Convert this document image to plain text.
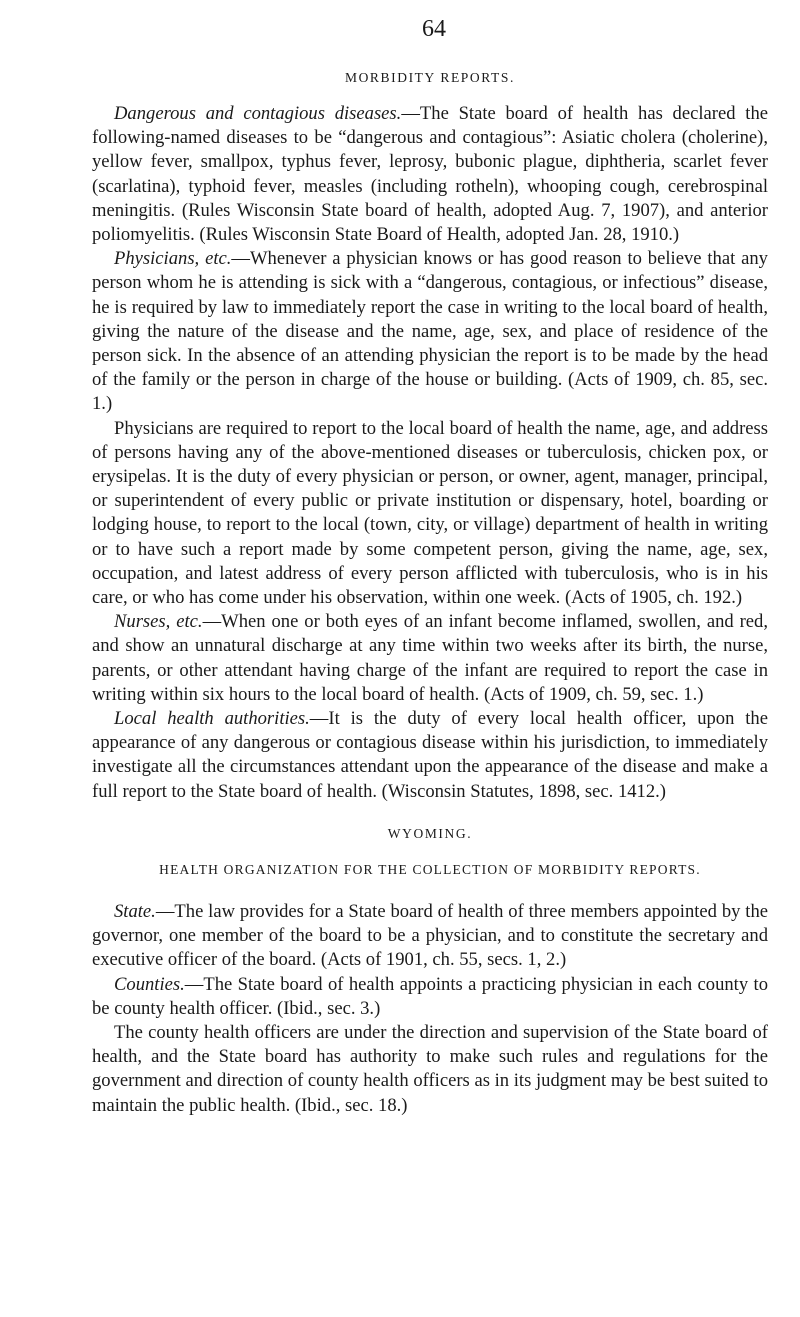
64
MORBIDITY REPORTS.

Dangerous and contagious diseases.—The State board of health has declared the following-named diseases to be “dangerous and contagious”: Asiatic cholera (cholerine), yellow fever, smallpox, typhus fever, leprosy, bubonic plague, diphtheria, scarlet fever (scarlatina), typhoid fever, measles (including rotheln), whooping cough, cerebrospinal meningitis. (Rules Wisconsin State board of health, adopted Aug. 7, 1907), and anterior poliomyelitis. (Rules Wisconsin State Board of Health, adopted Jan. 28, 1910.)

Physicians, etc.—Whenever a physician knows or has good reason to believe that any person whom he is attending is sick with a “dangerous, contagious, or infectious” disease, he is required by law to immediately report the case in writing to the local board of health, giving the nature of the disease and the name, age, sex, and place of residence of the person sick. In the absence of an attending physician the report is to be made by the head of the family or the person in charge of the house or building. (Acts of 1909, ch. 85, sec. 1.)

Physicians are required to report to the local board of health the name, age, and address of persons having any of the above-mentioned diseases or tuberculosis, chicken pox, or erysipelas. It is the duty of every physician or person, or owner, agent, manager, principal, or superintendent of every public or private institution or dispensary, hotel, boarding or lodging house, to report to the local (town, city, or village) department of health in writing or to have such a report made by some competent person, giving the name, age, sex, occupation, and latest address of every person afflicted with tuberculosis, who is in his care, or who has come under his observation, within one week. (Acts of 1905, ch. 192.)

Nurses, etc.—When one or both eyes of an infant become inflamed, swollen, and red, and show an unnatural discharge at any time within two weeks after its birth, the nurse, parents, or other attendant having charge of the infant are required to report the case in writing within six hours to the local board of health. (Acts of 1909, ch. 59, sec. 1.)

Local health authorities.—It is the duty of every local health officer, upon the appearance of any dangerous or contagious disease within his jurisdiction, to immediately investigate all the circumstances attendant upon the appearance of the disease and make a full report to the State board of health. (Wisconsin Statutes, 1898, sec. 1412.)

WYOMING.
HEALTH ORGANIZATION FOR THE COLLECTION OF MORBIDITY REPORTS.

State.—The law provides for a State board of health of three members appointed by the governor, one member of the board to be a physician, and to constitute the secretary and executive officer of the board. (Acts of 1901, ch. 55, secs. 1, 2.)

Counties.—The State board of health appoints a practicing physician in each county to be county health officer. (Ibid., sec. 3.)

The county health officers are under the direction and supervision of the State board of health, and the State board has authority to make such rules and regulations for the government and direction of county health officers as in its judgment may be best suited to maintain the public health. (Ibid., sec. 18.)
